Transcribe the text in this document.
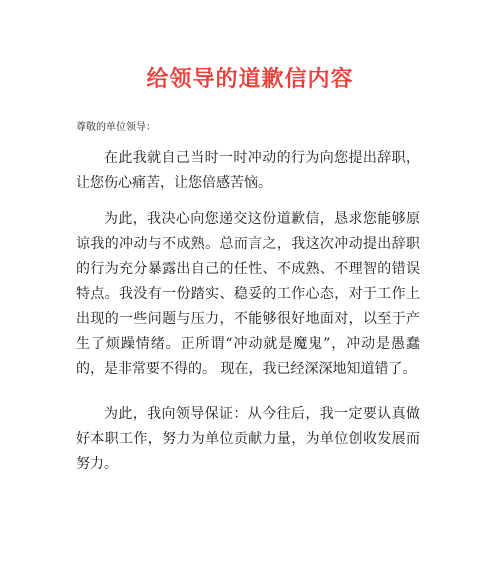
给领导的道歉信内容
尊敬的单位领导：

在此我就自己当时一时冲动的行为向您提出辞职，让您伤心痛苦，让您倍感苦恼。

为此，我决心向您递交这份道歉信，恳求您能够原谅我的冲动与不成熟。总而言之，我这次冲动提出辞职的行为充分暴露出自己的任性、不成熟、不理智的错误特点。我没有一份踏实、稳妥的工作心态，对于工作上出现的一些问题与压力，不能够很好地面对，以至于产生了烦躁情绪。正所谓“冲动就是魔鬼”，冲动是愚蠢的，是非常要不得的。 现在，我已经深深地知道错了。

为此，我向领导保证：从今往后，我一定要认真做好本职工作，努力为单位贡献力量，为单位创收发展而努力。
